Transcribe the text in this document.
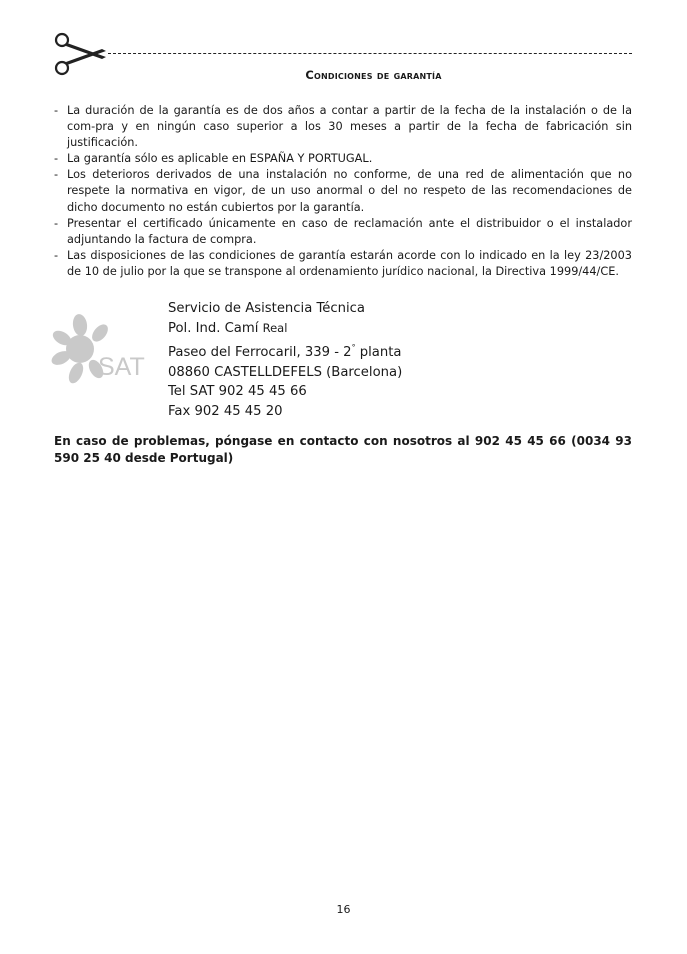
Condiciones de garantía
- La duración de la garantía es de dos años a contar a partir de la fecha de la instalación o de la com-pra y en ningún caso superior a los 30 meses a partir de la fecha de fabricación sin justificación.
- La garantía sólo es aplicable en ESPAÑA Y PORTUGAL.
- Los deterioros derivados de una instalación no conforme, de una red de alimentación que no respete la normativa en vigor, de un uso anormal o del no respeto de las recomendaciones de dicho documento no están cubiertos por la garantía.
- Presentar el certificado únicamente en caso de reclamación ante el distribuidor o el instalador adjuntando la factura de compra.
- Las disposiciones de las condiciones de garantía estarán acorde con lo indicado en la ley 23/2003 de 10 de julio por la que se transpone al ordenamiento jurídico nacional, la Directiva 1999/44/CE.
SAT
Servicio de Asistencia Técnica
Pol. Ind. Camí Real
Paseo del Ferrocaril, 339 - 2° planta
08860 CASTELLDEFELS (Barcelona)
Tel SAT 902 45 45 66
Fax 902 45 45 20
En caso de problemas, póngase en contacto con nosotros al 902 45 45 66 (0034 93 590 25 40 desde Portugal)
16
